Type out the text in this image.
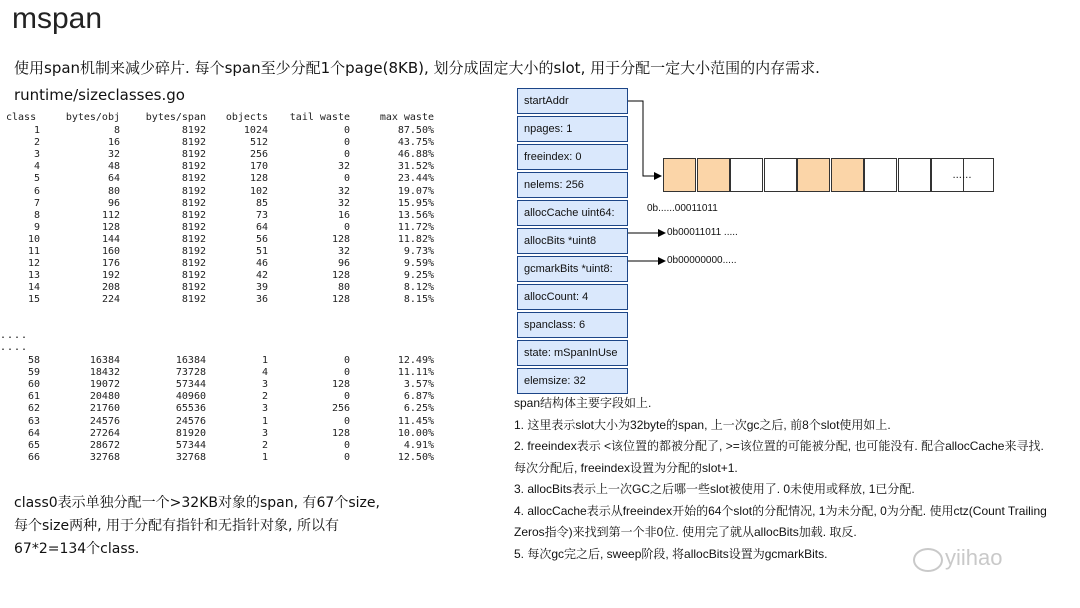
mspan
使用span机制来减少碎片. 每个span至少分配1个page(8KB), 划分成固定大小的slot, 用于分配一定大小范围的内存需求.
runtime/sizeclasses.go
class	bytes/obj	bytes/span	objects	tail waste	max waste
1	8	8192	1024	0	87.50%
2	16	8192	512	0	43.75%
3	32	8192	256	0	46.88%
4	48	8192	170	32	31.52%
5	64	8192	128	0	23.44%
6	80	8192	102	32	19.07%
7	96	8192	85	32	15.95%
8	112	8192	73	16	13.56%
9	128	8192	64	0	11.72%
10	144	8192	56	128	11.82%
11	160	8192	51	32	9.73%
12	176	8192	46	96	9.59%
13	192	8192	42	128	9.25%
14	208	8192	39	80	8.12%
15	224	8192	36	128	8.15%
....
....
58	16384	16384	1	0	12.49%
59	18432	73728	4	0	11.11%
60	19072	57344	3	128	3.57%
61	20480	40960	2	0	6.87%
62	21760	65536	3	256	6.25%
63	24576	24576	1	0	11.45%
64	27264	81920	3	128	10.00%
65	28672	57344	2	0	4.91%
66	32768	32768	1	0	12.50%
class0表示单独分配一个>32KB对象的span, 有67个size, 每个size两种, 用于分配有指针和无指针对象, 所以有67*2=134个class.
startAddr
npages: 1
freeindex: 0
nelems: 256
allocCache uint64:
allocBits *uint8
gcmarkBits *uint8:
allocCount: 4
spanclass: 6
state: mSpanInUse
elemsize: 32
......
0b......00011011
0b00011011 .....
0b00000000.....

span结构体主要字段如上.

1. 这里表示slot大小为32byte的span, 上一次gc之后, 前8个slot使用如上.

2. freeindex表示 <该位置的都被分配了, >=该位置的可能被分配, 也可能没有. 配合allocCache来寻找. 每次分配后, freeindex设置为分配的slot+1.

3. allocBits表示上一次GC之后哪一些slot被使用了. 0未使用或释放, 1已分配.

4. allocCache表示从freeindex开始的64个slot的分配情况, 1为未分配, 0为分配. 使用ctz(Count Trailing Zeros指令)来找到第一个非0位. 使用完了就从allocBits加载. 取反.

5. 每次gc完之后, sweep阶段, 将allocBits设置为gcmarkBits.	yiihao
